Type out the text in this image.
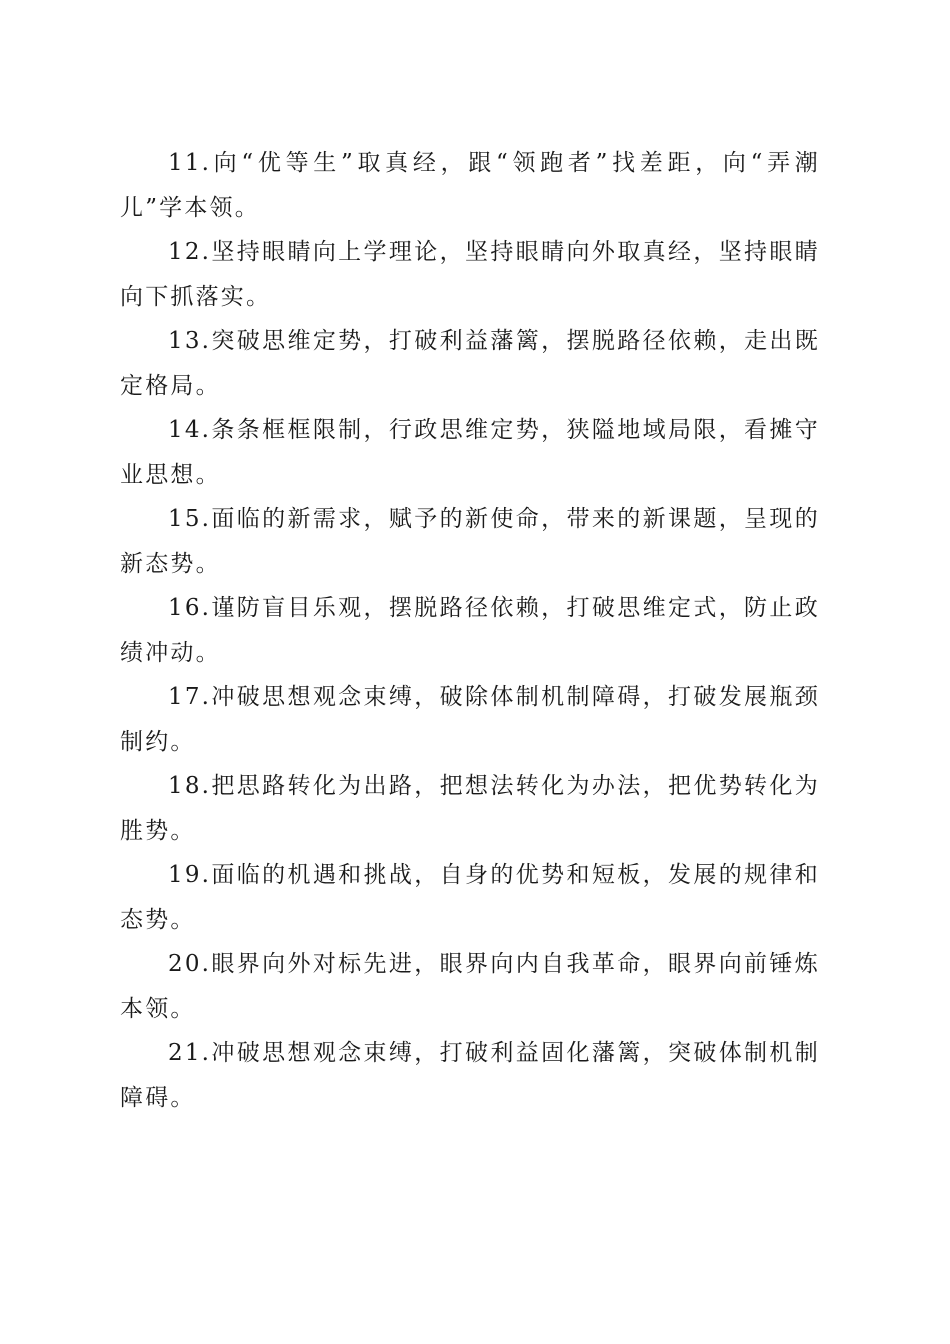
11.向“优等生”取真经，跟“领跑者”找差距，向“弄潮儿”学本领。

12.坚持眼睛向上学理论，坚持眼睛向外取真经，坚持眼睛向下抓落实。

13.突破思维定势，打破利益藩篱，摆脱路径依赖，走出既定格局。

14.条条框框限制，行政思维定势，狭隘地域局限，看摊守业思想。

15.面临的新需求，赋予的新使命，带来的新课题，呈现的新态势。

16.谨防盲目乐观，摆脱路径依赖，打破思维定式，防止政绩冲动。

17.冲破思想观念束缚，破除体制机制障碍，打破发展瓶颈制约。

18.把思路转化为出路，把想法转化为办法，把优势转化为胜势。

19.面临的机遇和挑战，自身的优势和短板，发展的规律和态势。

20.眼界向外对标先进，眼界向内自我革命，眼界向前锤炼本领。

21.冲破思想观念束缚，打破利益固化藩篱，突破体制机制障碍。
